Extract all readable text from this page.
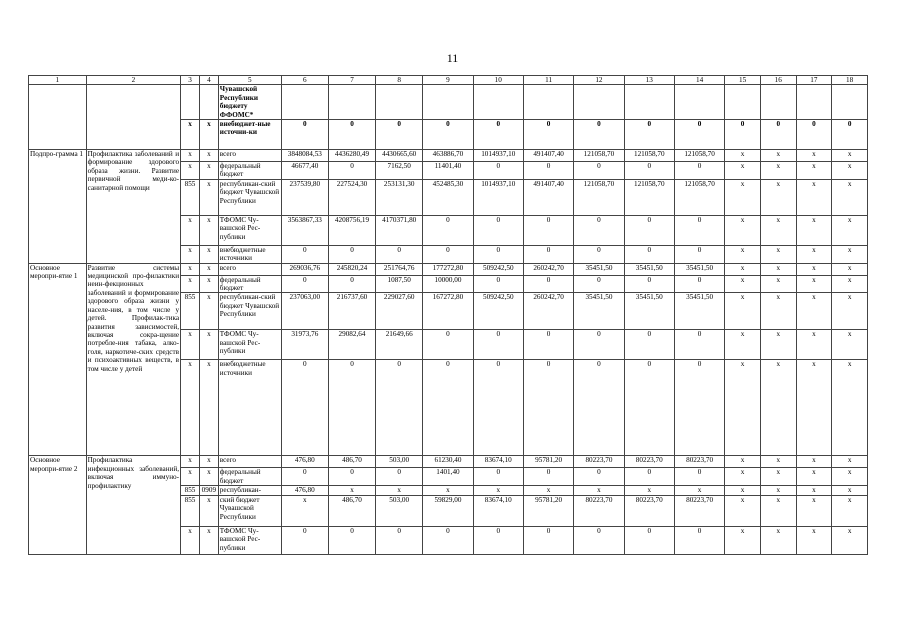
11
1	2	3	4	5	6	7	8	9	10	11	12	13	14	15	16	17	18
				Чувашской Республики бюджету ФФОМС*													
		x	x	внебюджет-ные источни-ки	0	0	0	0	0	0	0	0	0	0	0	0	0
Подпро-грамма 1	Профилактика заболеваний и формирование здорового образа жизни. Развитие первичной меди-ко-санитарной помощи	x	x	всего	3848084,53	4436280,49	4430665,60	463886,70	1014937,10	491407,40	121058,70	121058,70	121058,70	x	x	x	x
		x	x	федеральный бюджет	46677,40	0	7162,50	11401,40	0	0	0	0	0	x	x	x	x
		855	x	республикан-ский бюджет Чувашской Республики	237539,80	227524,30	253131,30	452485,30	1014937,10	491407,40	121058,70	121058,70	121058,70	x	x	x	x
		x	x	ТФОМС Чу-вашской Рес-публики	3563867,33	4208756,19	4170371,80	0	0	0	0	0	0	x	x	x	x
		x	x	внебюджетные источники	0	0	0	0	0	0	0	0	0	x	x	x	x
Основное меропри-ятие 1	Развитие системы медицинской про-филактики неин-фекционных заболеваний и формирование здорового образа жизни у населе-ния, в том числе у детей. Профилак-тика развития зависимостей, включая сокра-щение потребле-ния табака, алко-голя, наркотиче-ских средств и психоактивных веществ, в том числе у детей	x	x	всего	269036,76	245820,24	251764,76	177272,80	509242,50	260242,70	35451,50	35451,50	35451,50	x	x	x	x
		x	x	федеральный бюджет	0	0	1087,50	10000,00	0	0	0	0	0	x	x	x	x
		855	x	республикан-ский бюджет Чувашской Республики	237063,00	216737,60	229027,60	167272,80	509242,50	260242,70	35451,50	35451,50	35451,50	x	x	x	x
		x	x	ТФОМС Чу-вашской Рес-публики	31973,76	29082,64	21649,66	0	0	0	0	0	0	x	x	x	x
		x	x	внебюджетные источники	0	0	0	0	0	0	0	0	0	x	x	x	x
Основное меропри-ятие 2	Профилактика инфекционных заболеваний, включая иммуно-профилактику	x	x	всего	476,80	486,70	503,00	61230,40	83674,10	95781,20	80223,70	80223,70	80223,70	x	x	x	x
		x	x	федеральный бюджет	0	0	0	1401,40	0	0	0	0	0	x	x	x	x
		855	0909	республикан-	476,80	x	x	x	x	x	x	x	x	x	x	x	x
		855	x	ский бюджет Чувашской Республики	x	486,70	503,00	59829,00	83674,10	95781,20	80223,70	80223,70	80223,70	x	x	x	x
		x	x	ТФОМС Чу-вашской Рес-публики	0	0	0	0	0	0	0	0	0	x	x	x	x
